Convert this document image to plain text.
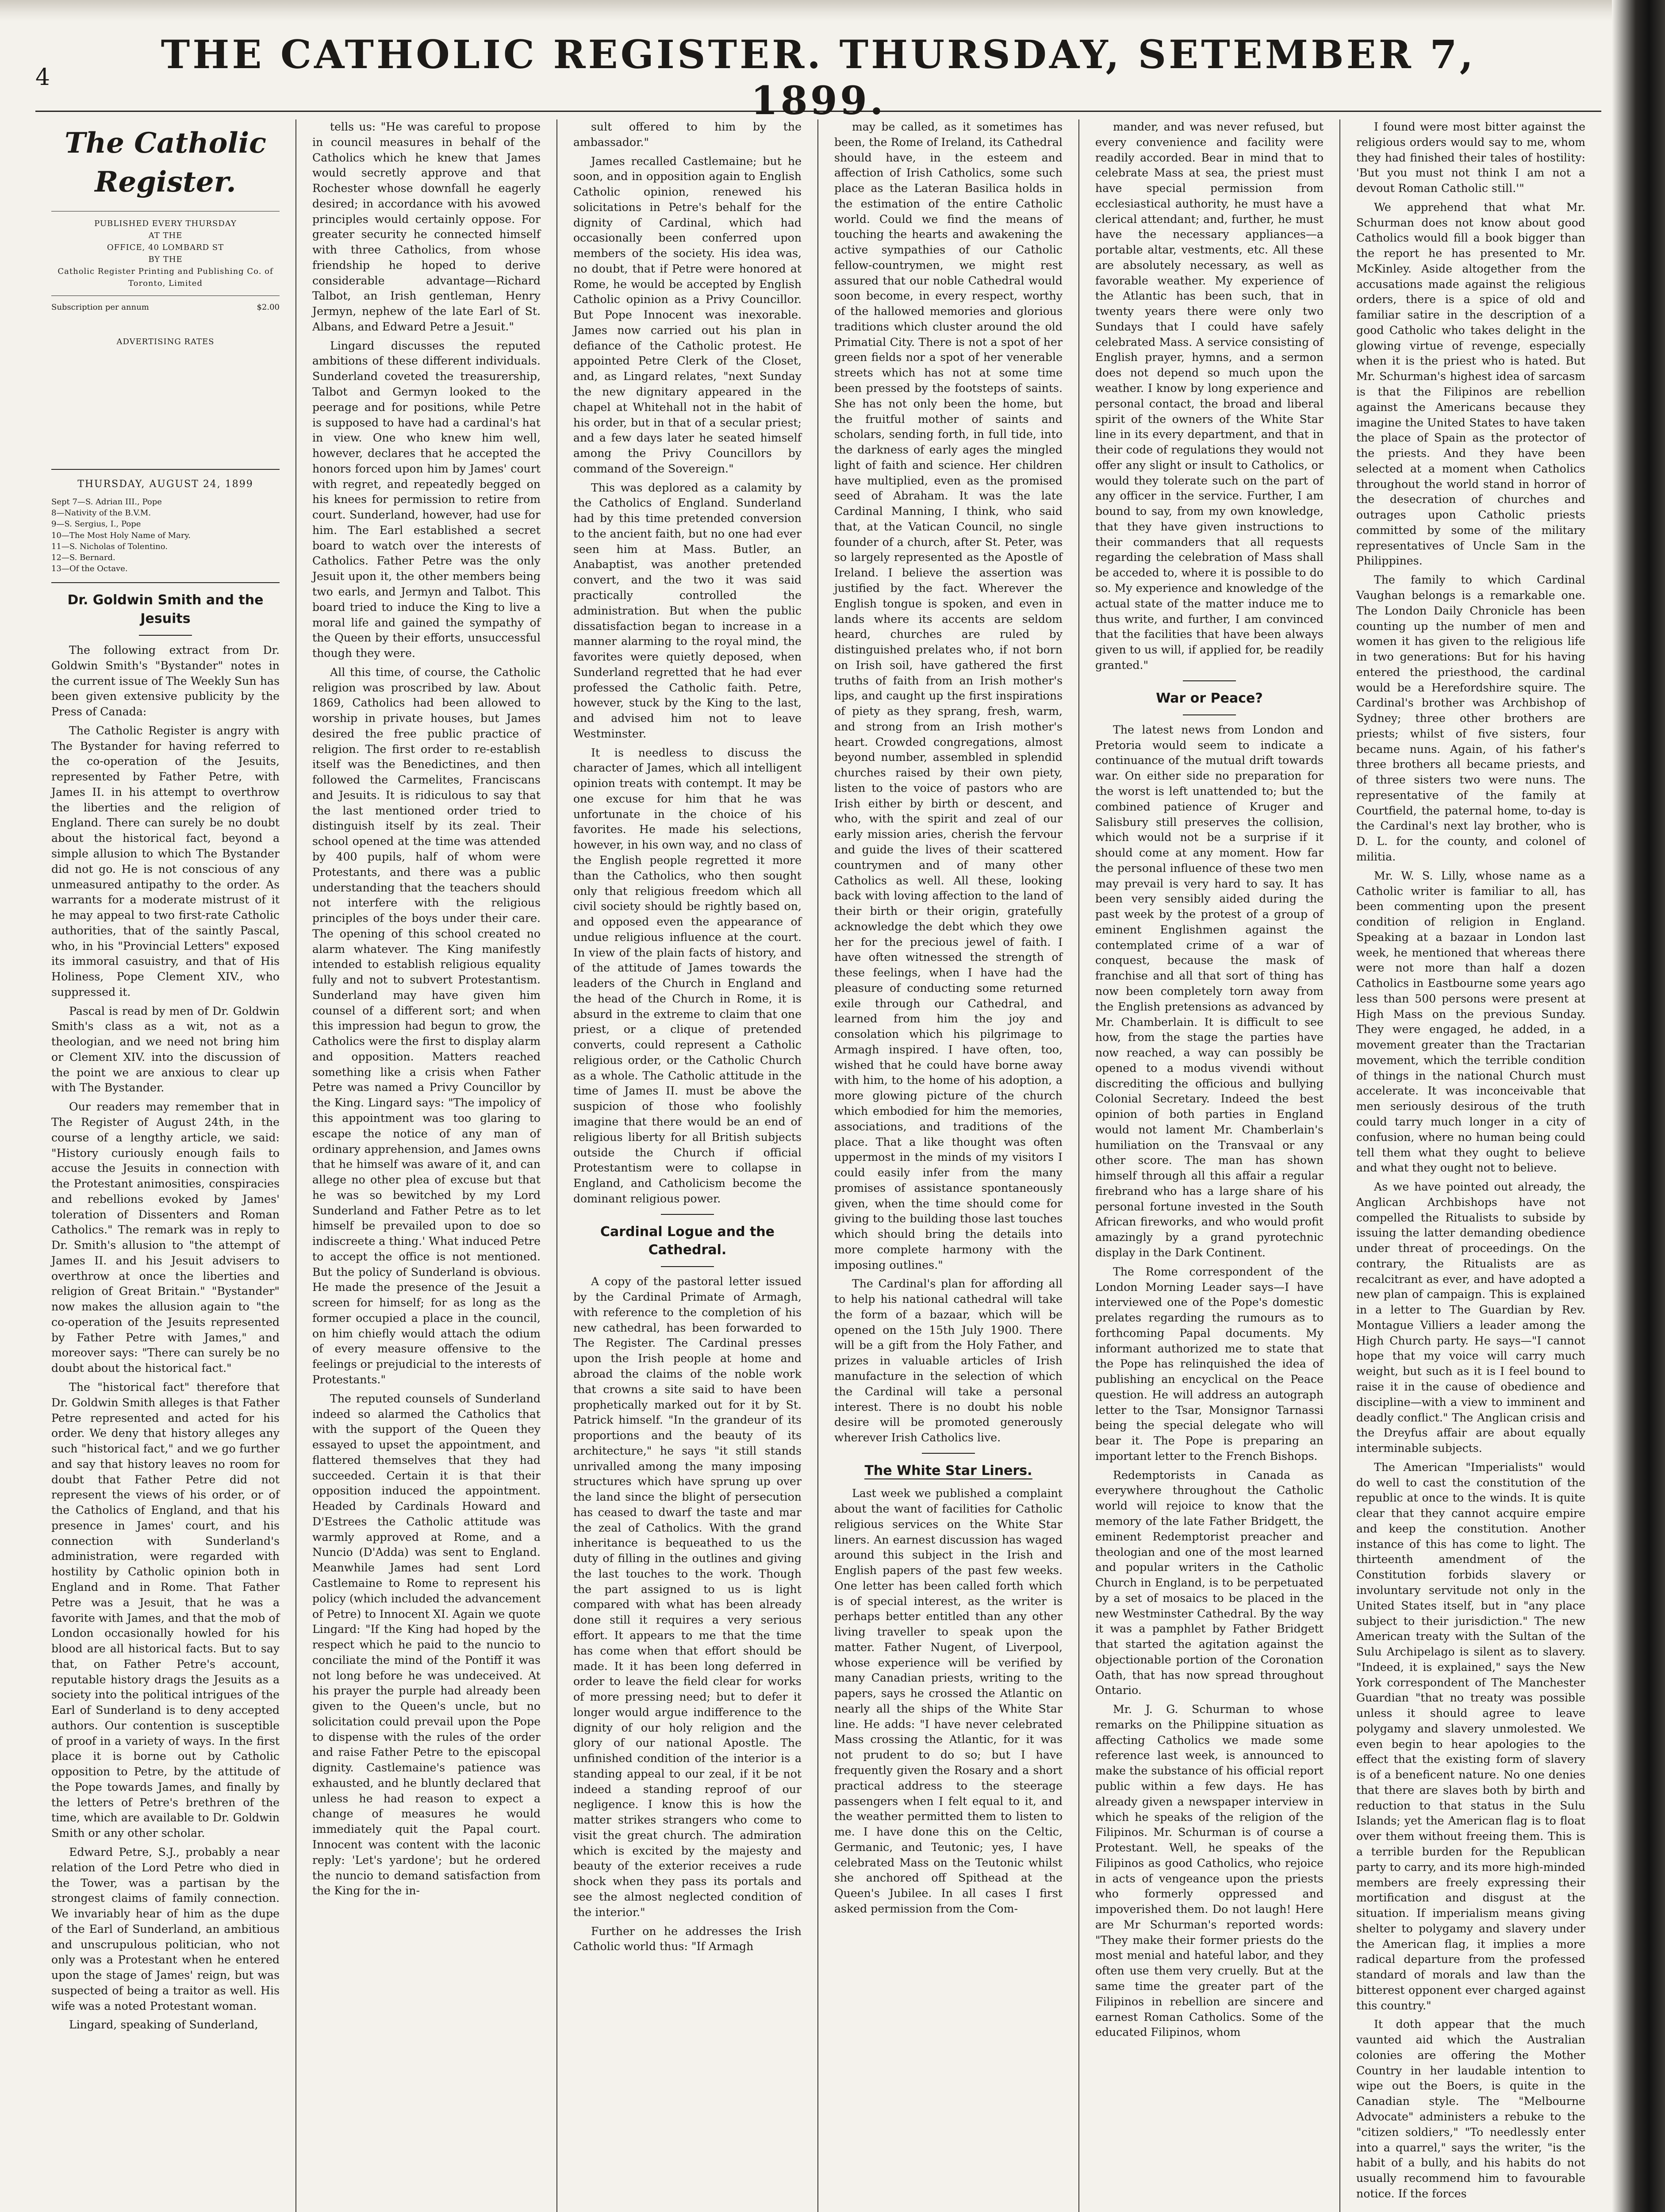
4	THE CATHOLIC REGISTER. THURSDAY, SETEMBER 7, 1899.
The Catholic Register.
PUBLISHED EVERY THURSDAY
AT THE
OFFICE, 40 LOMBARD ST
BY THE
Catholic Register Printing and Publishing Co. of Toronto, Limited
Subscription per annum	$2.00

ADVERTISING RATES

THURSDAY, AUGUST 24, 1899
Sept 7—S. Adrian III., Pope
8—Nativity of the B.V.M.
9—S. Sergius, I., Pope
10—The Most Holy Name of Mary.
11—S. Nicholas of Tolentino.
12—S. Bernard.
13—Of the Octave.
Dr. Goldwin Smith and the Jesuits

The following extract from Dr. Goldwin Smith's "Bystander" notes in the current issue of The Weekly Sun has been given extensive publicity by the Press of Canada:

The Catholic Register is angry with The Bystander for having referred to the co-operation of the Jesuits, represented by Father Petre, with James II. in his attempt to overthrow the liberties and the religion of England. There can surely be no doubt about the historical fact, beyond a simple allusion to which The Bystander did not go. He is not conscious of any unmeasured antipathy to the order. As warrants for a moderate mistrust of it he may appeal to two first-rate Catholic authorities, that of the saintly Pascal, who, in his "Provincial Letters" exposed its immoral casuistry, and that of His Holiness, Pope Clement XIV., who suppressed it.

Pascal is read by men of Dr. Goldwin Smith's class as a wit, not as a theologian, and we need not bring him or Clement XIV. into the discussion of the point we are anxious to clear up with The Bystander.

Our readers may remember that in The Register of August 24th, in the course of a lengthy article, we said: "History curiously enough fails to accuse the Jesuits in connection with the Protestant animosities, conspiracies and rebellions evoked by James' toleration of Dissenters and Roman Catholics." The remark was in reply to Dr. Smith's allusion to "the attempt of James II. and his Jesuit advisers to overthrow at once the liberties and religion of Great Britain." "Bystander" now makes the allusion again to "the co-operation of the Jesuits represented by Father Petre with James," and moreover says: "There can surely be no doubt about the historical fact."

The "historical fact" therefore that Dr. Goldwin Smith alleges is that Father Petre represented and acted for his order. We deny that history alleges any such "historical fact," and we go further and say that history leaves no room for doubt that Father Petre did not represent the views of his order, or of the Catholics of England, and that his presence in James' court, and his connection with Sunderland's administration, were regarded with hostility by Catholic opinion both in England and in Rome. That Father Petre was a Jesuit, that he was a favorite with James, and that the mob of London occasionally howled for his blood are all historical facts. But to say that, on Father Petre's account, reputable history drags the Jesuits as a society into the political intrigues of the Earl of Sunderland is to deny accepted authors. Our contention is susceptible of proof in a variety of ways. In the first place it is borne out by Catholic opposition to Petre, by the attitude of the Pope towards James, and finally by the letters of Petre's brethren of the time, which are available to Dr. Goldwin Smith or any other scholar.

Edward Petre, S.J., probably a near relation of the Lord Petre who died in the Tower, was a partisan by the strongest claims of family connection. We invariably hear of him as the dupe of the Earl of Sunderland, an ambitious and unscrupulous politician, who not only was a Protestant when he entered upon the stage of James' reign, but was suspected of being a traitor as well. His wife was a noted Protestant woman.

Lingard, speaking of Sunderland,

tells us: "He was careful to propose in council measures in behalf of the Catholics which he knew that James would secretly approve and that Rochester whose downfall he eagerly desired; in accordance with his avowed principles would certainly oppose. For greater security he connected himself with three Catholics, from whose friendship he hoped to derive considerable advantage—Richard Talbot, an Irish gentleman, Henry Jermyn, nephew of the late Earl of St. Albans, and Edward Petre a Jesuit."

Lingard discusses the reputed ambitions of these different individuals. Sunderland coveted the treasurership, Talbot and Germyn looked to the peerage and for positions, while Petre is supposed to have had a cardinal's hat in view. One who knew him well, however, declares that he accepted the honors forced upon him by James' court with regret, and repeatedly begged on his knees for permission to retire from court. Sunderland, however, had use for him. The Earl established a secret board to watch over the interests of Catholics. Father Petre was the only Jesuit upon it, the other members being two earls, and Jermyn and Talbot. This board tried to induce the King to live a moral life and gained the sympathy of the Queen by their efforts, unsuccessful though they were.

All this time, of course, the Catholic religion was proscribed by law. About 1869, Catholics had been allowed to worship in private houses, but James desired the free public practice of religion. The first order to re-establish itself was the Benedictines, and then followed the Carmelites, Franciscans and Jesuits. It is ridiculous to say that the last mentioned order tried to distinguish itself by its zeal. Their school opened at the time was attended by 400 pupils, half of whom were Protestants, and there was a public understanding that the teachers should not interfere with the religious principles of the boys under their care. The opening of this school created no alarm whatever. The King manifestly intended to establish religious equality fully and not to subvert Protestantism. Sunderland may have given him counsel of a different sort; and when this impression had begun to grow, the Catholics were the first to display alarm and opposition. Matters reached something like a crisis when Father Petre was named a Privy Councillor by the King. Lingard says: "The impolicy of this appointment was too glaring to escape the notice of any man of ordinary apprehension, and James owns that he himself was aware of it, and can allege no other plea of excuse but that he was so bewitched by my Lord Sunderland and Father Petre as to let himself be prevailed upon to doe so indiscreete a thing.' What induced Petre to accept the office is not mentioned. But the policy of Sunderland is obvious. He made the presence of the Jesuit a screen for himself; for as long as the former occupied a place in the council, on him chiefly would attach the odium of every measure offensive to the feelings or prejudicial to the interests of Protestants."

The reputed counsels of Sunderland indeed so alarmed the Catholics that with the support of the Queen they essayed to upset the appointment, and flattered themselves that they had succeeded. Certain it is that their opposition induced the appointment. Headed by Cardinals Howard and D'Estrees the Catholic attitude was warmly approved at Rome, and a Nuncio (D'Adda) was sent to England. Meanwhile James had sent Lord Castlemaine to Rome to represent his policy (which included the advancement of Petre) to Innocent XI. Again we quote Lingard: "If the King had hoped by the respect which he paid to the nuncio to conciliate the mind of the Pontiff it was not long before he was undeceived. At his prayer the purple had already been given to the Queen's uncle, but no solicitation could prevail upon the Pope to dispense with the rules of the order and raise Father Petre to the episcopal dignity. Castlemaine's patience was exhausted, and he bluntly declared that unless he had reason to expect a change of measures he would immediately quit the Papal court. Innocent was content with the laconic reply: 'Let's yardone'; but he ordered the nuncio to demand satisfaction from the King for the in-

sult offered to him by the ambassador."

James recalled Castlemaine; but he soon, and in opposition again to English Catholic opinion, renewed his solicitations in Petre's behalf for the dignity of Cardinal, which had occasionally been conferred upon members of the society. His idea was, no doubt, that if Petre were honored at Rome, he would be accepted by English Catholic opinion as a Privy Councillor. But Pope Innocent was inexorable. James now carried out his plan in defiance of the Catholic protest. He appointed Petre Clerk of the Closet, and, as Lingard relates, "next Sunday the new dignitary appeared in the chapel at Whitehall not in the habit of his order, but in that of a secular priest; and a few days later he seated himself among the Privy Councillors by command of the Sovereign."

This was deplored as a calamity by the Catholics of England. Sunderland had by this time pretended conversion to the ancient faith, but no one had ever seen him at Mass. Butler, an Anabaptist, was another pretended convert, and the two it was said practically controlled the administration. But when the public dissatisfaction began to increase in a manner alarming to the royal mind, the favorites were quietly deposed, when Sunderland regretted that he had ever professed the Catholic faith. Petre, however, stuck by the King to the last, and advised him not to leave Westminster.

It is needless to discuss the character of James, which all intelligent opinion treats with contempt. It may be one excuse for him that he was unfortunate in the choice of his favorites. He made his selections, however, in his own way, and no class of the English people regretted it more than the Catholics, who then sought only that religious freedom which all civil society should be rightly based on, and opposed even the appearance of undue religious influence at the court. In view of the plain facts of history, and of the attitude of James towards the leaders of the Church in England and the head of the Church in Rome, it is absurd in the extreme to claim that one priest, or a clique of pretended converts, could represent a Catholic religious order, or the Catholic Church as a whole. The Catholic attitude in the time of James II. must be above the suspicion of those who foolishly imagine that there would be an end of religious liberty for all British subjects outside the Church if official Protestantism were to collapse in England, and Catholicism become the dominant religious power.

Cardinal Logue and the Cathedral.

A copy of the pastoral letter issued by the Cardinal Primate of Armagh, with reference to the completion of his new cathedral, has been forwarded to The Register. The Cardinal presses upon the Irish people at home and abroad the claims of the noble work that crowns a site said to have been prophetically marked out for it by St. Patrick himself. "In the grandeur of its proportions and the beauty of its architecture," he says "it still stands unrivalled among the many imposing structures which have sprung up over the land since the blight of persecution has ceased to dwarf the taste and mar the zeal of Catholics. With the grand inheritance is bequeathed to us the duty of filling in the outlines and giving the last touches to the work. Though the part assigned to us is light compared with what has been already done still it requires a very serious effort. It appears to me that the time has come when that effort should be made. It it has been long deferred in order to leave the field clear for works of more pressing need; but to defer it longer would argue indifference to the dignity of our holy religion and the glory of our national Apostle. The unfinished condition of the interior is a standing appeal to our zeal, if it be not indeed a standing reproof of our negligence. I know this is how the matter strikes strangers who come to visit the great church. The admiration which is excited by the majesty and beauty of the exterior receives a rude shock when they pass its portals and see the almost neglected condition of the interior."

Further on he addresses the Irish Catholic world thus: "If Armagh

may be called, as it sometimes has been, the Rome of Ireland, its Cathedral should have, in the esteem and affection of Irish Catholics, some such place as the Lateran Basilica holds in the estimation of the entire Catholic world. Could we find the means of touching the hearts and awakening the active sympathies of our Catholic fellow-countrymen, we might rest assured that our noble Cathedral would soon become, in every respect, worthy of the hallowed memories and glorious traditions which cluster around the old Primatial City. There is not a spot of her green fields nor a spot of her venerable streets which has not at some time been pressed by the footsteps of saints. She has not only been the home, but the fruitful mother of saints and scholars, sending forth, in full tide, into the darkness of early ages the mingled light of faith and science. Her children have multiplied, even as the promised seed of Abraham. It was the late Cardinal Manning, I think, who said that, at the Vatican Council, no single founder of a church, after St. Peter, was so largely represented as the Apostle of Ireland. I believe the assertion was justified by the fact. Wherever the English tongue is spoken, and even in lands where its accents are seldom heard, churches are ruled by distinguished prelates who, if not born on Irish soil, have gathered the first truths of faith from an Irish mother's lips, and caught up the first inspirations of piety as they sprang, fresh, warm, and strong from an Irish mother's heart. Crowded congregations, almost beyond number, assembled in splendid churches raised by their own piety, listen to the voice of pastors who are Irish either by birth or descent, and who, with the spirit and zeal of our early mission aries, cherish the fervour and guide the lives of their scattered countrymen and of many other Catholics as well. All these, looking back with loving affection to the land of their birth or their origin, gratefully acknowledge the debt which they owe her for the precious jewel of faith. I have often witnessed the strength of these feelings, when I have had the pleasure of conducting some returned exile through our Cathedral, and learned from him the joy and consolation which his pilgrimage to Armagh inspired. I have often, too, wished that he could have borne away with him, to the home of his adoption, a more glowing picture of the church which embodied for him the memories, associations, and traditions of the place. That a like thought was often uppermost in the minds of my visitors I could easily infer from the many promises of assistance spontaneously given, when the time should come for giving to the building those last touches which should bring the details into more complete harmony with the imposing outlines."

The Cardinal's plan for affording all to help his national cathedral will take the form of a bazaar, which will be opened on the 15th July 1900. There will be a gift from the Holy Father, and prizes in valuable articles of Irish manufacture in the selection of which the Cardinal will take a personal interest. There is no doubt his noble desire will be promoted generously wherever Irish Catholics live.

The White Star Liners.

Last week we published a complaint about the want of facilities for Catholic religious services on the White Star liners. An earnest discussion has waged around this subject in the Irish and English papers of the past few weeks. One letter has been called forth which is of special interest, as the writer is perhaps better entitled than any other living traveller to speak upon the matter. Father Nugent, of Liverpool, whose experience will be verified by many Canadian priests, writing to the papers, says he crossed the Atlantic on nearly all the ships of the White Star line. He adds: "I have never celebrated Mass crossing the Atlantic, for it was not prudent to do so; but I have frequently given the Rosary and a short practical address to the steerage passengers when I felt equal to it, and the weather permitted them to listen to me. I have done this on the Celtic, Germanic, and Teutonic; yes, I have celebrated Mass on the Teutonic whilst she anchored off Spithead at the Queen's Jubilee. In all cases I first asked permission from the Com-

mander, and was never refused, but every convenience and facility were readily accorded. Bear in mind that to celebrate Mass at sea, the priest must have special permission from ecclesiastical authority, he must have a clerical attendant; and, further, he must have the necessary appliances—a portable altar, vestments, etc. All these are absolutely necessary, as well as favorable weather. My experience of the Atlantic has been such, that in twenty years there were only two Sundays that I could have safely celebrated Mass. A service consisting of English prayer, hymns, and a sermon does not depend so much upon the weather. I know by long experience and personal contact, the broad and liberal spirit of the owners of the White Star line in its every department, and that in their code of regulations they would not offer any slight or insult to Catholics, or would they tolerate such on the part of any officer in the service. Further, I am bound to say, from my own knowledge, that they have given instructions to their commanders that all requests regarding the celebration of Mass shall be acceded to, where it is possible to do so. My experience and knowledge of the actual state of the matter induce me to thus write, and further, I am convinced that the facilities that have been always given to us will, if applied for, be readily granted."

War or Peace?

The latest news from London and Pretoria would seem to indicate a continuance of the mutual drift towards war. On either side no preparation for the worst is left unattended to; but the combined patience of Kruger and Salisbury still preserves the collision, which would not be a surprise if it should come at any moment. How far the personal influence of these two men may prevail is very hard to say. It has been very sensibly aided during the past week by the protest of a group of eminent Englishmen against the contemplated crime of a war of conquest, because the mask of franchise and all that sort of thing has now been completely torn away from the English pretensions as advanced by Mr. Chamberlain. It is difficult to see how, from the stage the parties have now reached, a way can possibly be opened to a modus vivendi without discrediting the officious and bullying Colonial Secretary. Indeed the best opinion of both parties in England would not lament Mr. Chamberlain's humiliation on the Transvaal or any other score. The man has shown himself through all this affair a regular firebrand who has a large share of his personal fortune invested in the South African fireworks, and who would profit amazingly by a grand pyrotechnic display in the Dark Continent.

The Rome correspondent of the London Morning Leader says—I have interviewed one of the Pope's domestic prelates regarding the rumours as to forthcoming Papal documents. My informant authorized me to state that the Pope has relinquished the idea of publishing an encyclical on the Peace question. He will address an autograph letter to the Tsar, Monsignor Tarnassi being the special delegate who will bear it. The Pope is preparing an important letter to the French Bishops.

Redemptorists in Canada as everywhere throughout the Catholic world will rejoice to know that the memory of the late Father Bridgett, the eminent Redemptorist preacher and theologian and one of the most learned and popular writers in the Catholic Church in England, is to be perpetuated by a set of mosaics to be placed in the new Westminster Cathedral. By the way it was a pamphlet by Father Bridgett that started the agitation against the objectionable portion of the Coronation Oath, that has now spread throughout Ontario.

Mr. J. G. Schurman to whose remarks on the Philippine situation as affecting Catholics we made some reference last week, is announced to make the substance of his official report public within a few days. He has already given a newspaper interview in which he speaks of the religion of the Filipinos. Mr. Schurman is of course a Protestant. Well, he speaks of the Filipinos as good Catholics, who rejoice in acts of vengeance upon the priests who formerly oppressed and impoverished them. Do not laugh! Here are Mr Schurman's reported words: "They make their former priests do the most menial and hateful labor, and they often use them very cruelly. But at the same time the greater part of the Filipinos in rebellion are sincere and earnest Roman Catholics. Some of the educated Filipinos, whom

I found were most bitter against the religious orders would say to me, whom they had finished their tales of hostility: 'But you must not think I am not a devout Roman Catholic still.'"

We apprehend that what Mr. Schurman does not know about good Catholics would fill a book bigger than the report he has presented to Mr. McKinley. Aside altogether from the accusations made against the religious orders, there is a spice of old and familiar satire in the description of a good Catholic who takes delight in the glowing virtue of revenge, especially when it is the priest who is hated. But Mr. Schurman's highest idea of sarcasm is that the Filipinos are rebellion against the Americans because they imagine the United States to have taken the place of Spain as the protector of the priests. And they have been selected at a moment when Catholics throughout the world stand in horror of the desecration of churches and outrages upon Catholic priests committed by some of the military representatives of Uncle Sam in the Philippines.

The family to which Cardinal Vaughan belongs is a remarkable one. The London Daily Chronicle has been counting up the number of men and women it has given to the religious life in two generations: But for his having entered the priesthood, the cardinal would be a Herefordshire squire. The Cardinal's brother was Archbishop of Sydney; three other brothers are priests; whilst of five sisters, four became nuns. Again, of his father's three brothers all became priests, and of three sisters two were nuns. The representative of the family at Courtfield, the paternal home, to-day is the Cardinal's next lay brother, who is D. L. for the county, and colonel of militia.

Mr. W. S. Lilly, whose name as a Catholic writer is familiar to all, has been commenting upon the present condition of religion in England. Speaking at a bazaar in London last week, he mentioned that whereas there were not more than half a dozen Catholics in Eastbourne some years ago less than 500 persons were present at High Mass on the previous Sunday. They were engaged, he added, in a movement greater than the Tractarian movement, which the terrible condition of things in the national Church must accelerate. It was inconceivable that men seriously desirous of the truth could tarry much longer in a city of confusion, where no human being could tell them what they ought to believe and what they ought not to believe.

As we have pointed out already, the Anglican Archbishops have not compelled the Ritualists to subside by issuing the latter demanding obedience under threat of proceedings. On the contrary, the Ritualists are as recalcitrant as ever, and have adopted a new plan of campaign. This is explained in a letter to The Guardian by Rev. Montague Villiers a leader among the High Church party. He says—"I cannot hope that my voice will carry much weight, but such as it is I feel bound to raise it in the cause of obedience and discipline—with a view to imminent and deadly conflict." The Anglican crisis and the Dreyfus affair are about equally interminable subjects.

The American "Imperialists" would do well to cast the constitution of the republic at once to the winds. It is quite clear that they cannot acquire empire and keep the constitution. Another instance of this has come to light. The thirteenth amendment of the Constitution forbids slavery or involuntary servitude not only in the United States itself, but in "any place subject to their jurisdiction." The new American treaty with the Sultan of the Sulu Archipelago is silent as to slavery. "Indeed, it is explained," says the New York correspondent of The Manchester Guardian "that no treaty was possible unless it should agree to leave polygamy and slavery unmolested. We even begin to hear apologies to the effect that the existing form of slavery is of a beneficent nature. No one denies that there are slaves both by birth and reduction to that status in the Sulu Islands; yet the American flag is to float over them without freeing them. This is a terrible burden for the Republican party to carry, and its more high-minded members are freely expressing their mortification and disgust at the situation. If imperialism means giving shelter to polygamy and slavery under the American flag, it implies a more radical departure from the professed standard of morals and law than the bitterest opponent ever charged against this country."

It doth appear that the much vaunted aid which the Australian colonies are offering the Mother Country in her laudable intention to wipe out the Boers, is quite in the Canadian style. The "Melbourne Advocate" administers a rebuke to the "citizen soldiers," "To needlessly enter into a quarrel," says the writer, "is the habit of a bully, and his habits do not usually recommend him to favourable notice. If the forces
